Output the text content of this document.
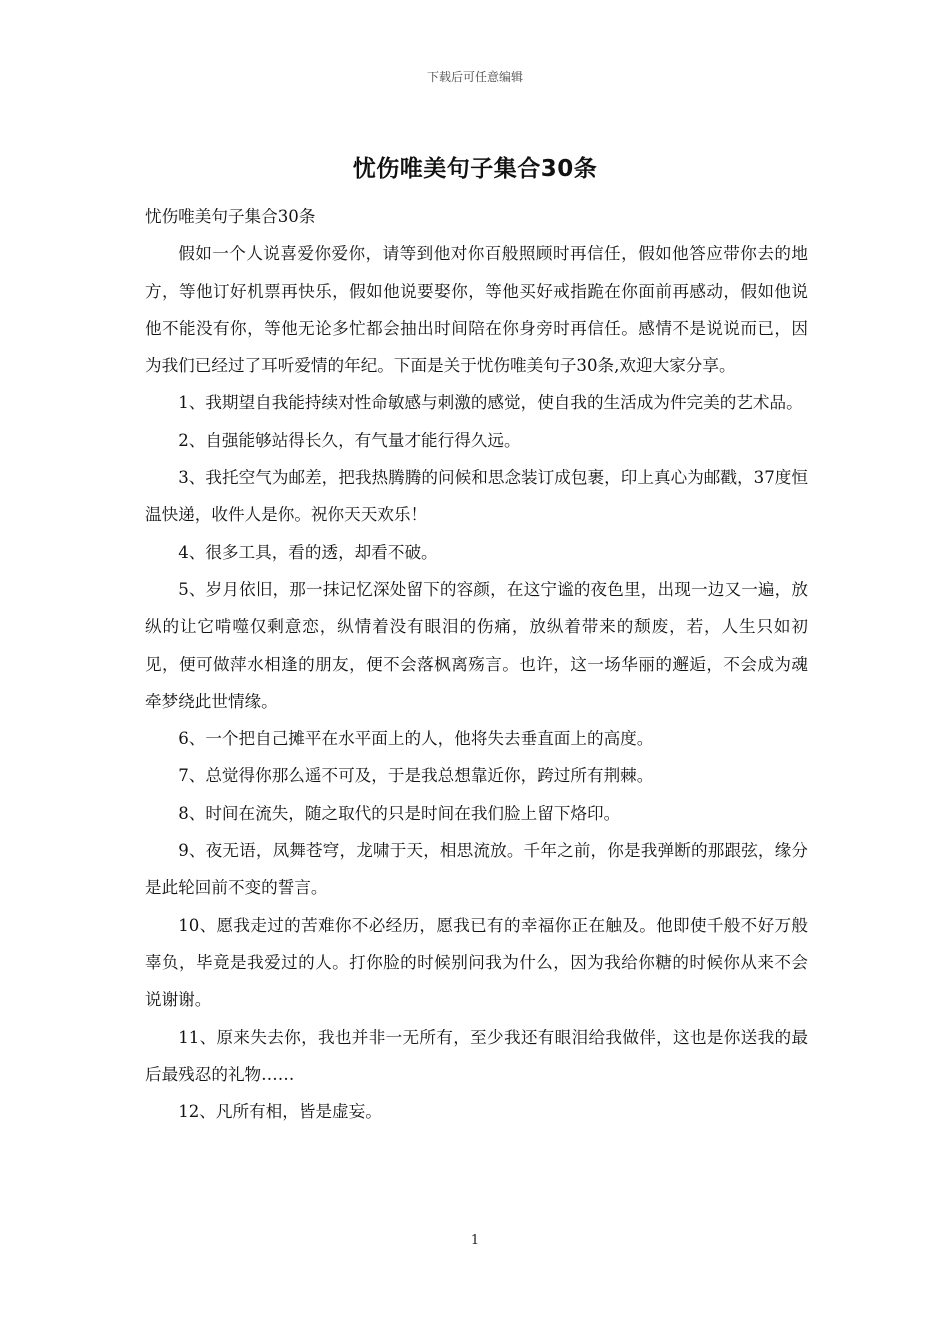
下载后可任意编辑
忧伤唯美句子集合30条

忧伤唯美句子集合30条

假如一个人说喜爱你爱你，请等到他对你百般照顾时再信任，假如他答应带你去的地方，等他订好机票再快乐，假如他说要娶你，等他买好戒指跪在你面前再感动，假如他说他不能没有你，等他无论多忙都会抽出时间陪在你身旁时再信任。感情不是说说而已，因为我们已经过了耳听爱情的年纪。下面是关于忧伤唯美句子30条,欢迎大家分享。

1、我期望自我能持续对性命敏感与刺激的感觉，使自我的生活成为件完美的艺术品。

2、自强能够站得长久，有气量才能行得久远。

3、我托空气为邮差，把我热腾腾的问候和思念装订成包裹，印上真心为邮戳，37度恒温快递，收件人是你。祝你天天欢乐！

4、很多工具，看的透，却看不破。

5、岁月依旧，那一抹记忆深处留下的容颜，在这宁谧的夜色里，出现一边又一遍，放纵的让它啃噬仅剩意恋，纵情着没有眼泪的伤痛，放纵着带来的颓废，若，人生只如初见，便可做萍水相逢的朋友，便不会落枫离殇言。也许，这一场华丽的邂逅，不会成为魂牵梦绕此世情缘。

6、一个把自己摊平在水平面上的人，他将失去垂直面上的高度。

7、总觉得你那么遥不可及，于是我总想靠近你，跨过所有荆棘。

8、时间在流失，随之取代的只是时间在我们脸上留下烙印。

9、夜无语，凤舞苍穹，龙啸于天，相思流放。千年之前，你是我弹断的那跟弦，缘分是此轮回前不变的誓言。

10、愿我走过的苦难你不必经历，愿我已有的幸福你正在触及。他即使千般不好万般辜负，毕竟是我爱过的人。打你脸的时候别问我为什么，因为我给你糖的时候你从来不会说谢谢。

11、原来失去你，我也并非一无所有，至少我还有眼泪给我做伴，这也是你送我的最后最残忍的礼物……

12、凡所有相，皆是虚妄。

1
